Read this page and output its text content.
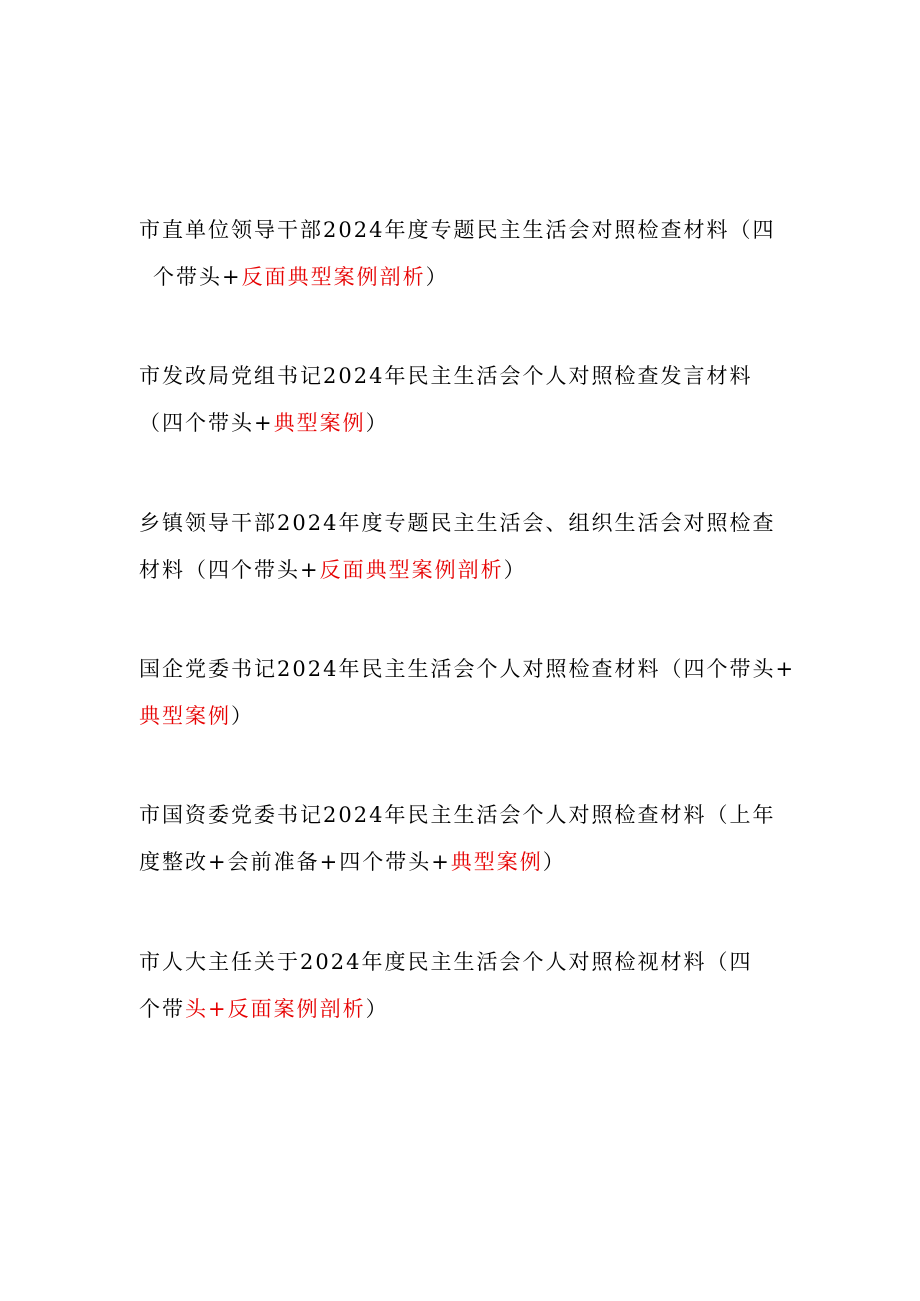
市直单位领导干部2024年度专题民主生活会对照检查材料（四
个带头+反面典型案例剖析）
市发改局党组书记2024年民主生活会个人对照检查发言材料
（四个带头+典型案例）
乡镇领导干部2024年度专题民主生活会、组织生活会对照检查
材料（四个带头+反面典型案例剖析）
国企党委书记2024年民主生活会个人对照检查材料（四个带头+
典型案例）
市国资委党委书记2024年民主生活会个人对照检查材料（上年
度整改+会前准备+四个带头+典型案例）
市人大主任关于2024年度民主生活会个人对照检视材料（四
个带头+反面案例剖析）
